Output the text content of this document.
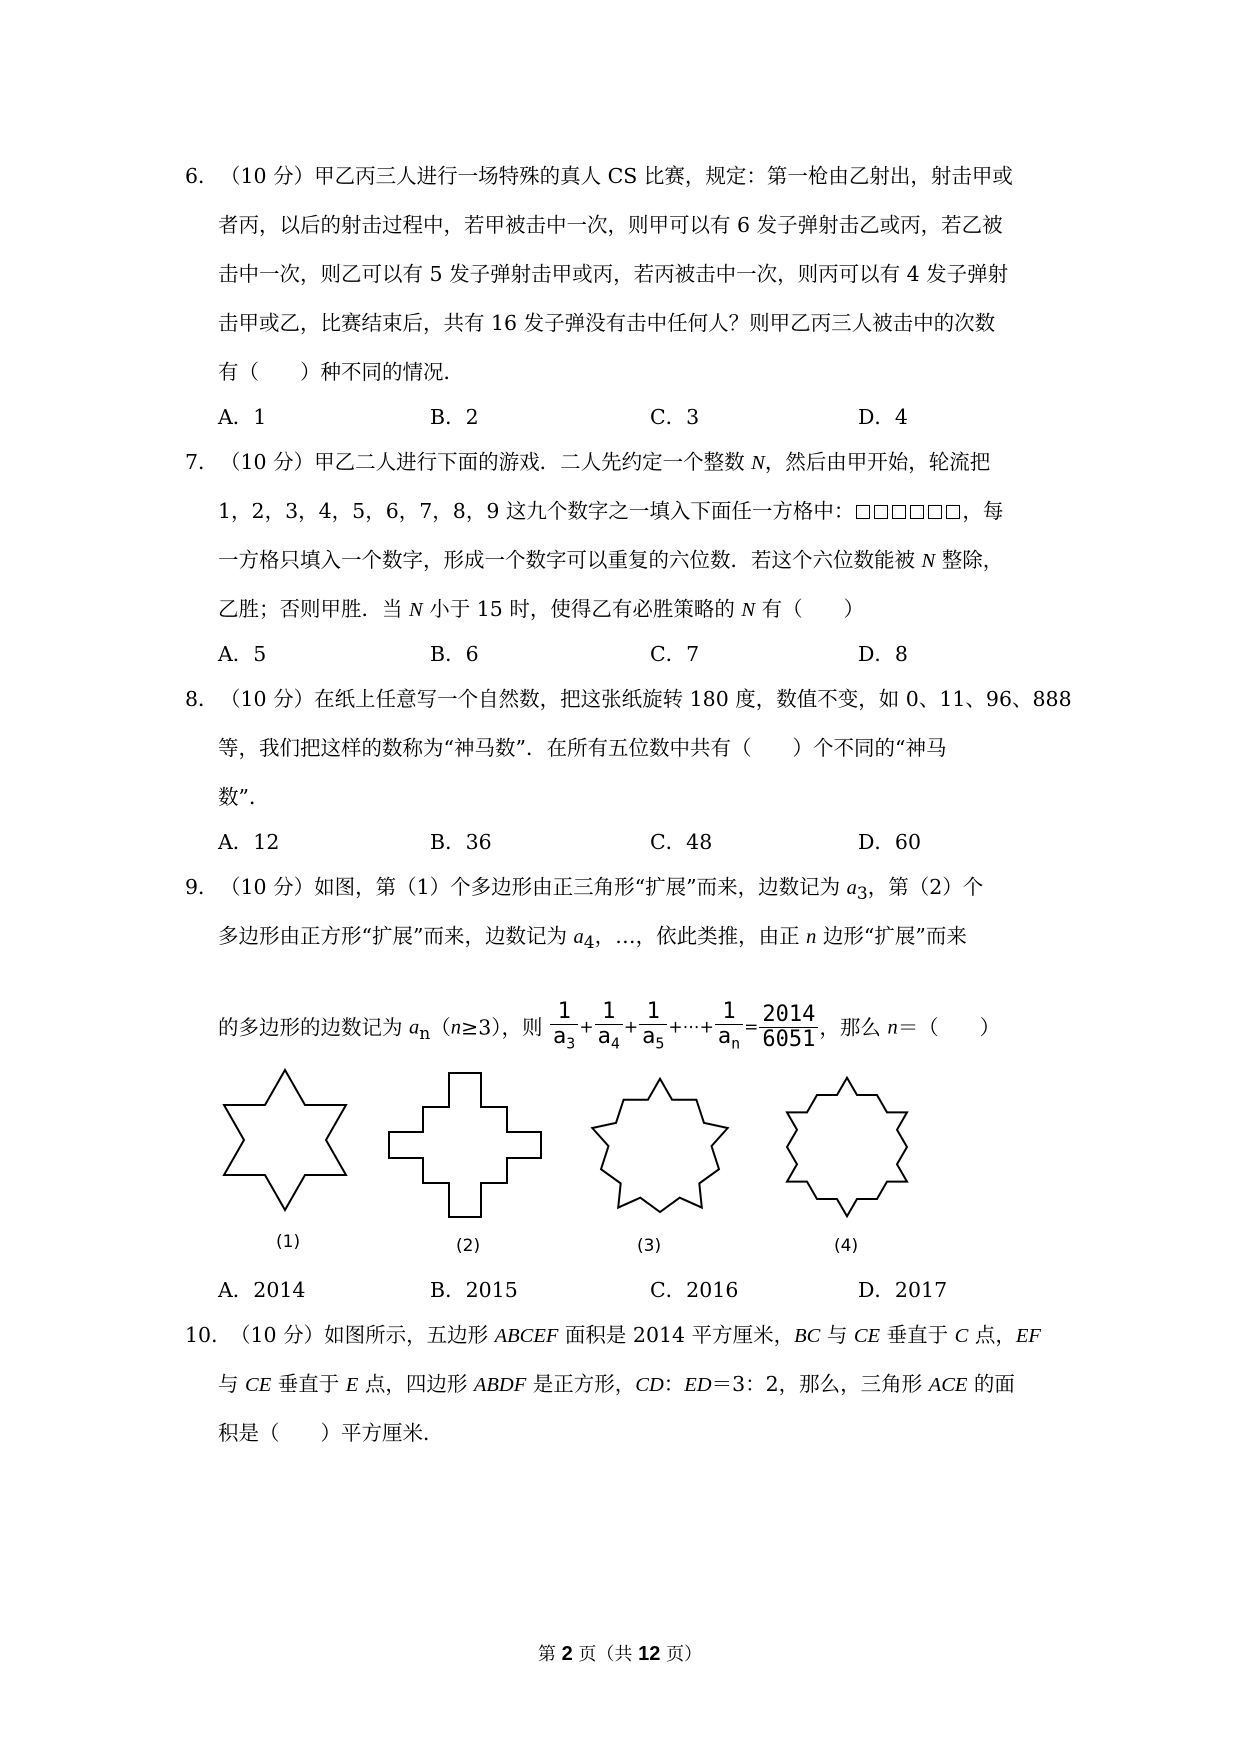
6． （10 分）甲乙丙三人进行一场特殊的真人 CS 比赛，规定：第一枪由乙射出，射击甲或
者丙，以后的射击过程中，若甲被击中一次，则甲可以有 6 发子弹射击乙或丙，若乙被
击中一次，则乙可以有 5 发子弹射击甲或丙，若丙被击中一次，则丙可以有 4 发子弹射
击甲或乙，比赛结束后，共有 16 发子弹没有击中任何人？则甲乙丙三人被击中的次数
有（　　）种不同的情况．
A．1	B．2	C．3	D．4
7． （10 分）甲乙二人进行下面的游戏．二人先约定一个整数 N，然后由甲开始，轮流把
1，2，3，4，5，6，7，8，9 这九个数字之一填入下面任一方格中：	，每
一方格只填入一个数字，形成一个数字可以重复的六位数．若这个六位数能被 N 整除，
乙胜；否则甲胜．当 N 小于 15 时，使得乙有必胜策略的 N 有（　　）
A．5	B．6	C．7	D．8
8． （10 分）在纸上任意写一个自然数，把这张纸旋转 180 度，数值不变，如 0、11、96、888
等，我们把这样的数称为“神马数”．在所有五位数中共有（　　）个不同的“神马
数”．
A．12	B．36	C．48	D．60
9． （10 分）如图，第（1）个多边形由正三角形“扩展”而来，边数记为 $a_3$，第（2）个
多边形由正方形“扩展”而来，边数记为 $a_4$，…，依此类推，由正 n 边形“扩展”而来
的多边形的边数记为 $a_n(n\ge 3)$，则 $\frac{1}{a_3} + \frac{1}{a_4} + \frac{1}{a_5}$ +⋯+ $\frac{1}{a_n} = \frac{2014}{6051}$ ，那么 n＝（　　）
(1)	(2)	(3)	(4)
A．2014	B．2015	C．2016	D．2017
10．
（10 分）如图所示，五边形 ABCEF 面积是 2014 平方厘米，BC 与 CE 垂直于 C 点，EF
与 CE 垂直于 E 点，四边形 ABDF 是正方形，CD：ED＝3：2，那么，三角形 ACE 的面
积是（　　）平方厘米．
第 2 页（共 12 页）
